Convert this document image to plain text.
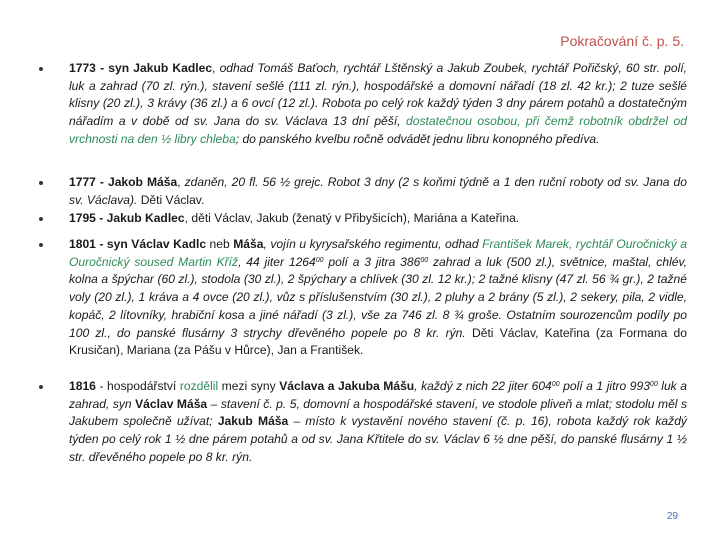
Pokračování č. p. 5.
1773 - syn Jakub Kadlec, odhad Tomáš Baťoch, rychtář Lštěnský a Jakub Zoubek, rychtář Pořičský, 60 str. polí, luk a zahrad (70 zl. rýn.), stavení sešlé (111 zl. rýn.), hospodářské a domovní nářadí (18 zl. 42 kr.); 2 tuze sešlé klisny (20 zl.), 3 krávy (36 zl.) a 6 ovcí (12 zl.). Robota po celý rok každý týden 3 dny párem potahů a dostatečným nářadím a v době od sv. Jana do sv. Václava 13 dní pěší, dostatečnou osobou, při čemž robotník obdržel od vrchnosti na den ½ libry chleba; do panského kvelbu ročně odvádět jednu libru konopného předíva.
1777 - Jakob Máša, zdaněn, 20 fl. 56 ½ grejc. Robot 3 dny (2 s koňmi týdně a 1 den ruční roboty od sv. Jana do sv. Václava). Děti Václav.
1795 - Jakub Kadlec, děti Václav, Jakub (ženatý v Přibyšicích), Mariána a Kateřina.
1801 - syn Václav Kadlc neb Máša, vojín u kyrysařského regimentu, odhad František Marek, rychtář Ouročnický a Ouročnický soused Martin Kříž, 44 jiter 1264$^{00}$ polí a 3 jitra $386^{00}$ zahrad a luk (500 zl.), světnice, maštal, chlév, kolna a špýchar (60 zl.), stodola (30 zl.), 2 špýchary a chlívek (30 zl. 12 kr.); 2 tažné klisny (47 zl. 56 ¾ gr.), 2 tažné voly (20 zl.), 1 kráva a 4 ovce (20 zl.), vůz s příslušenstvím (30 zl.), 2 pluhy a 2 brány (5 zl.), 2 sekery, pila, 2 vidle, kopáč, 2 lítovníky, hrabiční kosa a jiné nářadí (3 zl.), vše za 746 zl. 8 ¾ groše. Ostatním sourozencům podíly po 100 zl., do panské flusárny 3 strychy dřevěného popele po 8 kr. rýn. Děti Václav, Kateřina (za Formana do Krusičan), Mariana (za Pášu v Hůrce), Jan a František.
1816 - hospodářství rozdělil mezi syny Václava a Jakuba Mášu, každý z nich 22 jiter $604^{00}$ polí a 1 jitro $993^{00}$ luk a zahrad, syn Václav Máša – stavení č. p. 5, domovní a hospodářské stavení, ve stodole pliveň a mlat; stodolu měl s Jakubem společně užívat; Jakub Máša – místo k vystavění nového stavení (č. p. 16), robota každý rok každý týden po celý rok 1 ½ dne párem potahů a od sv. Jana Křtitele do sv. Václav 6 ½ dne pěší, do panské flusárny 1 ½ str. dřevěného popele po 8 kr. rýn.
29
